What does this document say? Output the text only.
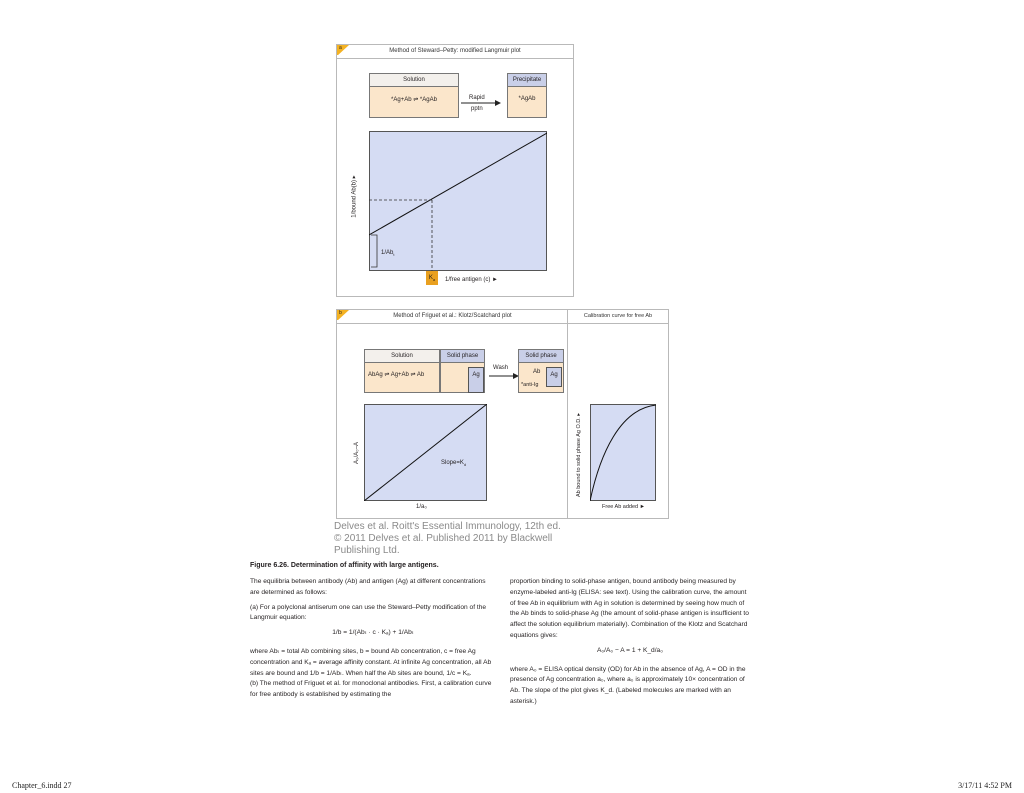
a	Method of Steward–Petty: modified Langmuir plot
Solution
*Ag+Ab ⇌ *AgAb	Rapid
pptn
Precipitate
*AgAb
$1/Ab_t$
1/bound Ab(b) ▸
$K_a$	1/free antigen (c) ►
b	Method of Friguet et al.: Klotz/Scatchard plot
Solution
AbAg ⇌ Ag+Ab ⇌ Ab
Solid phase
Ag
Wash
Solid phase
Ab	Ag
*anti-Ig
$Slope=K_d$
A₀/A₀–A
1/a₀
Calibration curve for free Ab
Ab bound to solid phase Ag O.D. ▸
Free Ab added ►
Delves et al. Roitt's Essential Immunology, 12th ed.
© 2011 Delves et al. Published 2011 by Blackwell
Publishing Ltd.
Figure 6.26. Determination of affinity with large antigens.

The equilibria between antibody (Ab) and antigen (Ag) at different concentrations are determined as follows:

(a) For a polyclonal antiserum one can use the Steward–Petty modification of the Langmuir equation:

1/b = 1/(Abₜ · c · Kₐ) + 1/Abₜ

where Abₜ = total Ab combining sites, b = bound Ab concentration, c = free Ag concentration and Kₐ = average affinity constant. At infinite Ag concentration, all Ab sites are bound and 1/b = 1/Abₜ. When half the Ab sites are bound, 1/c = Kₐ.

(b) The method of Friguet et al. for monoclonal antibodies. First, a calibration curve for free antibody is established by estimating the

proportion binding to solid-phase antigen, bound antibody being measured by enzyme-labeled anti-Ig (ELISA: see text). Using the calibration curve, the amount of free Ab in equilibrium with Ag in solution is determined by seeing how much of the Ab binds to solid-phase Ag (the amount of solid-phase antigen is insufficient to affect the solution equilibrium materially). Combination of the Klotz and Scatchard equations gives:

A₀/A₀ − A = 1 + K_d/a₀

where A₀ = ELISA optical density (OD) for Ab in the absence of Ag, A = OD in the presence of Ag concentration a₀, where a₀ is approximately 10× concentration of Ab. The slope of the plot gives K_d. (Labeled molecules are marked with an asterisk.)

Chapter_6.indd 27	3/17/11 4:52 PM
